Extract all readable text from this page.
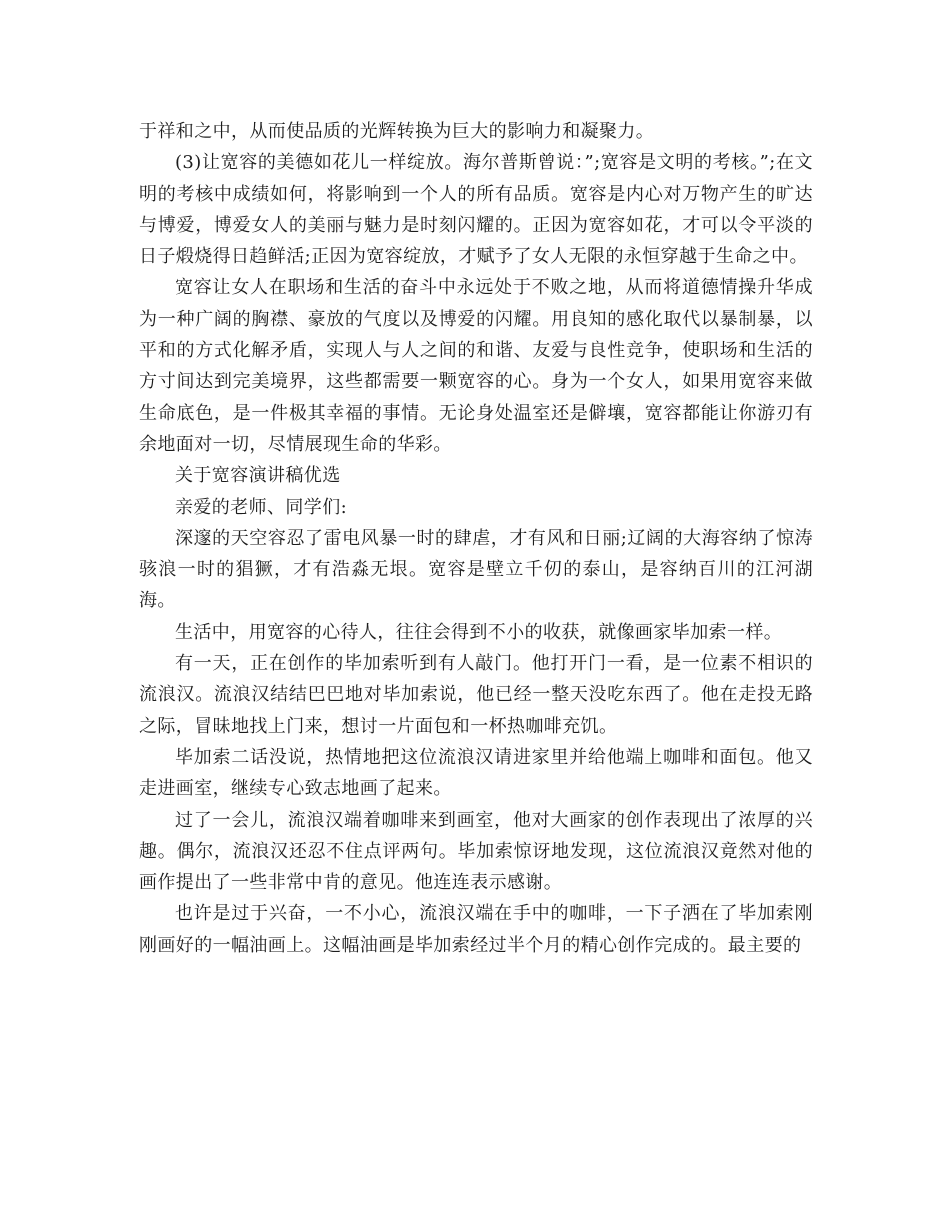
于祥和之中，从而使品质的光辉转换为巨大的影响力和凝聚力。

(3)让宽容的美德如花儿一样绽放。海尔普斯曾说：”;宽容是文明的考核。”;在文明的考核中成绩如何，将影响到一个人的所有品质。宽容是内心对万物产生的旷达与博爱，博爱女人的美丽与魅力是时刻闪耀的。正因为宽容如花，才可以令平淡的日子煅烧得日趋鲜活;正因为宽容绽放，才赋予了女人无限的永恒穿越于生命之中。

宽容让女人在职场和生活的奋斗中永远处于不败之地，从而将道德情操升华成为一种广阔的胸襟、豪放的气度以及博爱的闪耀。用良知的感化取代以暴制暴，以平和的方式化解矛盾，实现人与人之间的和谐、友爱与良性竞争，使职场和生活的方寸间达到完美境界，这些都需要一颗宽容的心。身为一个女人，如果用宽容来做生命底色，是一件极其幸福的事情。无论身处温室还是僻壤，宽容都能让你游刃有余地面对一切，尽情展现生命的华彩。

关于宽容演讲稿优选

亲爱的老师、同学们:

深邃的天空容忍了雷电风暴一时的肆虐，才有风和日丽;辽阔的大海容纳了惊涛骇浪一时的猖獗，才有浩淼无垠。宽容是壁立千仞的泰山，是容纳百川的江河湖海。

生活中，用宽容的心待人，往往会得到不小的收获，就像画家毕加索一样。

有一天，正在创作的毕加索听到有人敲门。他打开门一看，是一位素不相识的流浪汉。流浪汉结结巴巴地对毕加索说，他已经一整天没吃东西了。他在走投无路之际，冒昧地找上门来，想讨一片面包和一杯热咖啡充饥。

毕加索二话没说，热情地把这位流浪汉请进家里并给他端上咖啡和面包。他又走进画室，继续专心致志地画了起来。

过了一会儿，流浪汉端着咖啡来到画室，他对大画家的创作表现出了浓厚的兴趣。偶尔，流浪汉还忍不住点评两句。毕加索惊讶地发现，这位流浪汉竟然对他的画作提出了一些非常中肯的意见。他连连表示感谢。

也许是过于兴奋，一不小心，流浪汉端在手中的咖啡，一下子洒在了毕加索刚刚画好的一幅油画上。这幅油画是毕加索经过半个月的精心创作完成的。最主要的
